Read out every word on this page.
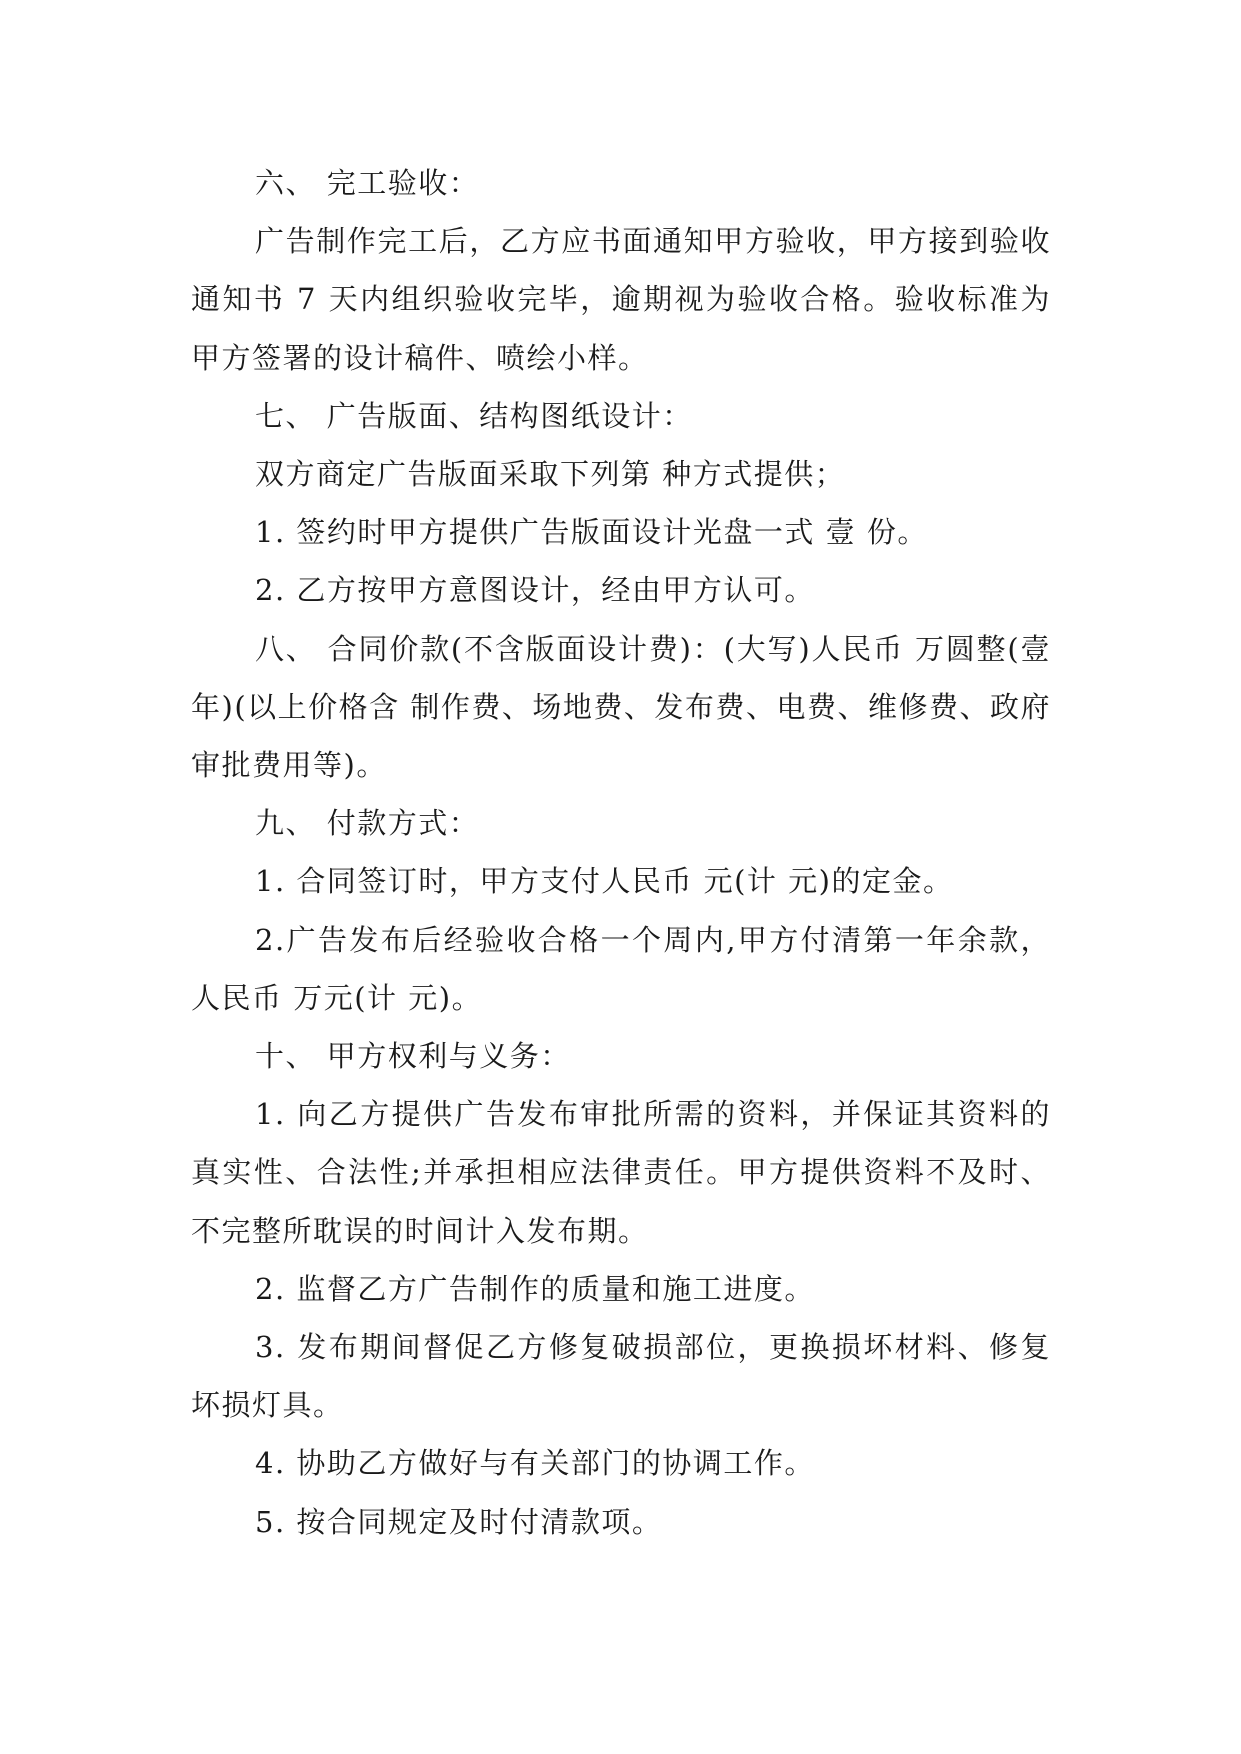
六、 完工验收：

广告制作完工后，乙方应书面通知甲方验收，甲方接到验收通知书 7 天内组织验收完毕，逾期视为验收合格。验收标准为甲方签署的设计稿件、喷绘小样。

七、 广告版面、结构图纸设计：

双方商定广告版面采取下列第 种方式提供；

1. 签约时甲方提供广告版面设计光盘一式 壹 份。

2. 乙方按甲方意图设计，经由甲方认可。

八、 合同价款(不含版面设计费)：(大写)人民币 万圆整(壹年)(以上价格含 制作费、场地费、发布费、电费、维修费、政府审批费用等)。

九、 付款方式：

1. 合同签订时，甲方支付人民币 元(计 元)的定金。

2.广告发布后经验收合格一个周内,甲方付清第一年余款，人民币 万元(计 元)。

十、 甲方权利与义务：

1. 向乙方提供广告发布审批所需的资料，并保证其资料的真实性、合法性;并承担相应法律责任。甲方提供资料不及时、不完整所耽误的时间计入发布期。

2. 监督乙方广告制作的质量和施工进度。

3. 发布期间督促乙方修复破损部位，更换损坏材料、修复坏损灯具。

4. 协助乙方做好与有关部门的协调工作。

5. 按合同规定及时付清款项。
